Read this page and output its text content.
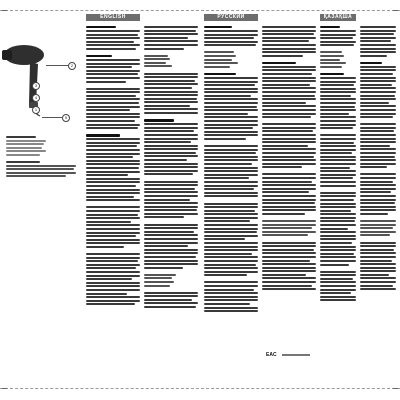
2
3
4
1
5
ENGLISH	РУССКИЙ
EAC
ҚАЗАҚША
